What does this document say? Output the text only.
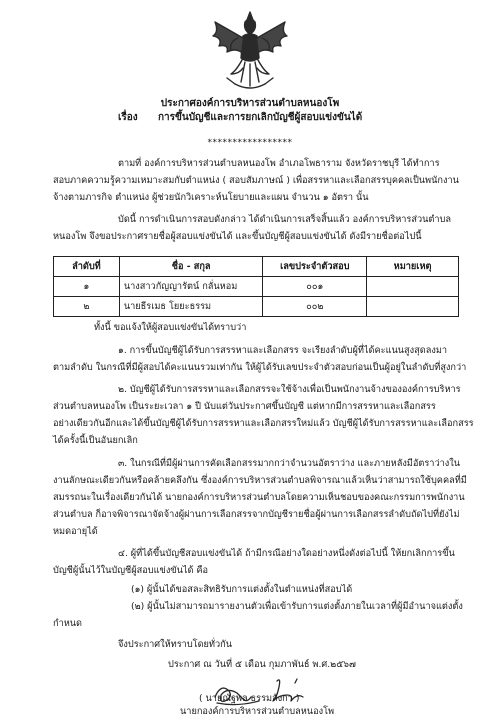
ประกาศองค์การบริหารส่วนตำบลหนองโพ
เรื่อง การขึ้นบัญชีและการยกเลิกบัญชีผู้สอบแข่งขันได้
*****************
ตามที่ องค์การบริหารส่วนตำบลหนองโพ อำเภอโพธาราม จังหวัดราชบุรี ได้ทำการ
สอบภาคความรู้ความเหมาะสมกับตำแหน่ง ( สอบสัมภาษณ์ ) เพื่อสรรหาและเลือกสรรบุคคลเป็นพนักงาน
จ้างตามภารกิจ ตำแหน่ง ผู้ช่วยนักวิเคราะห์นโยบายและแผน จำนวน ๑ อัตรา นั้น
บัดนี้ การดำเนินการสอบดังกล่าว ได้ดำเนินการเสร็จสิ้นแล้ว องค์การบริหารส่วนตำบล
หนองโพ จึงขอประกาศรายชื่อผู้สอบแข่งขันได้ และขึ้นบัญชีผู้สอบแข่งขันได้ ดังมีรายชื่อต่อไปนี้
ลำดับที่	ชื่อ - สกุล	เลขประจำตัวสอบ	หมายเหตุ
๑	นางสาวกัญญารัตน์ กลั่นหอม	๐๐๑	
๒	นายธีรเมธ โยยะธรรม	๐๐๒	
ทั้งนี้ ขอแจ้งให้ผู้สอบแข่งขันได้ทราบว่า
๑. การขึ้นบัญชีผู้ได้รับการสรรหาและเลือกสรร จะเรียงลำดับผู้ที่ได้คะแนนสูงสุดลงมา
ตามลำดับ ในกรณีที่มีผู้สอบได้คะแนนรวมเท่ากัน ให้ผู้ได้รับเลขประจำตัวสอบก่อนเป็นผู้อยู่ในลำดับที่สูงกว่า
๒. บัญชีผู้ได้รับการสรรหาและเลือกสรรจะใช้จ้างเพื่อเป็นพนักงานจ้างขององค์การบริหาร
ส่วนตำบลหนองโพ เป็นระยะเวลา ๑ ปี นับแต่วันประกาศขึ้นบัญชี แต่หากมีการสรรหาและเลือกสรร
อย่างเดียวกันอีกและได้ขึ้นบัญชีผู้ได้รับการสรรหาและเลือกสรรใหม่แล้ว บัญชีผู้ได้รับการสรรหาและเลือกสรร
ได้ครั้งนี้เป็นอันยกเลิก
๓. ในกรณีที่มีผู้ผ่านการคัดเลือกสรรมากกว่าจำนวนอัตราว่าง และภายหลังมีอัตราว่างใน
งานลักษณะเดียวกันหรือคล้ายคลึงกัน ซึ่งองค์การบริหารส่วนตำบลพิจารณาแล้วเห็นว่าสามารถใช้บุคคลที่มี
สมรรถนะในเรื่องเดียวกันได้ นายกองค์การบริหารส่วนตำบลโดยความเห็นชอบของคณะกรรมการพนักงาน
ส่วนตำบล ก็อาจพิจารณาจัดจ้างผู้ผ่านการเลือกสรรจากบัญชีรายชื่อผู้ผ่านการเลือกสรรลำดับถัดไปที่ยังไม่
หมดอายุได้
๔. ผู้ที่ได้ขึ้นบัญชีสอบแข่งขันได้ ถ้ามีกรณีอย่างใดอย่างหนึ่งดังต่อไปนี้ ให้ยกเลิกการขึ้น
บัญชีผู้นั้นไว้ในบัญชีผู้สอบแข่งขันได้ คือ
(๑) ผู้นั้นได้ขอสละสิทธิรับการแต่งตั้งในตำแหน่งที่สอบได้
(๒) ผู้นั้นไม่สามารถมารายงานตัวเพื่อเข้ารับการแต่งตั้งภายในเวลาที่ผู้มีอำนาจแต่งตั้ง
กำหนด
จึงประกาศให้ทราบโดยทั่วกัน
ประกาศ ณ วันที่ ๕ เดือน กุมภาพันธ์ พ.ศ.๒๕๖๗
( นายณัฐพล ธรรมลังกา )
นายกองค์การบริหารส่วนตำบลหนองโพ
